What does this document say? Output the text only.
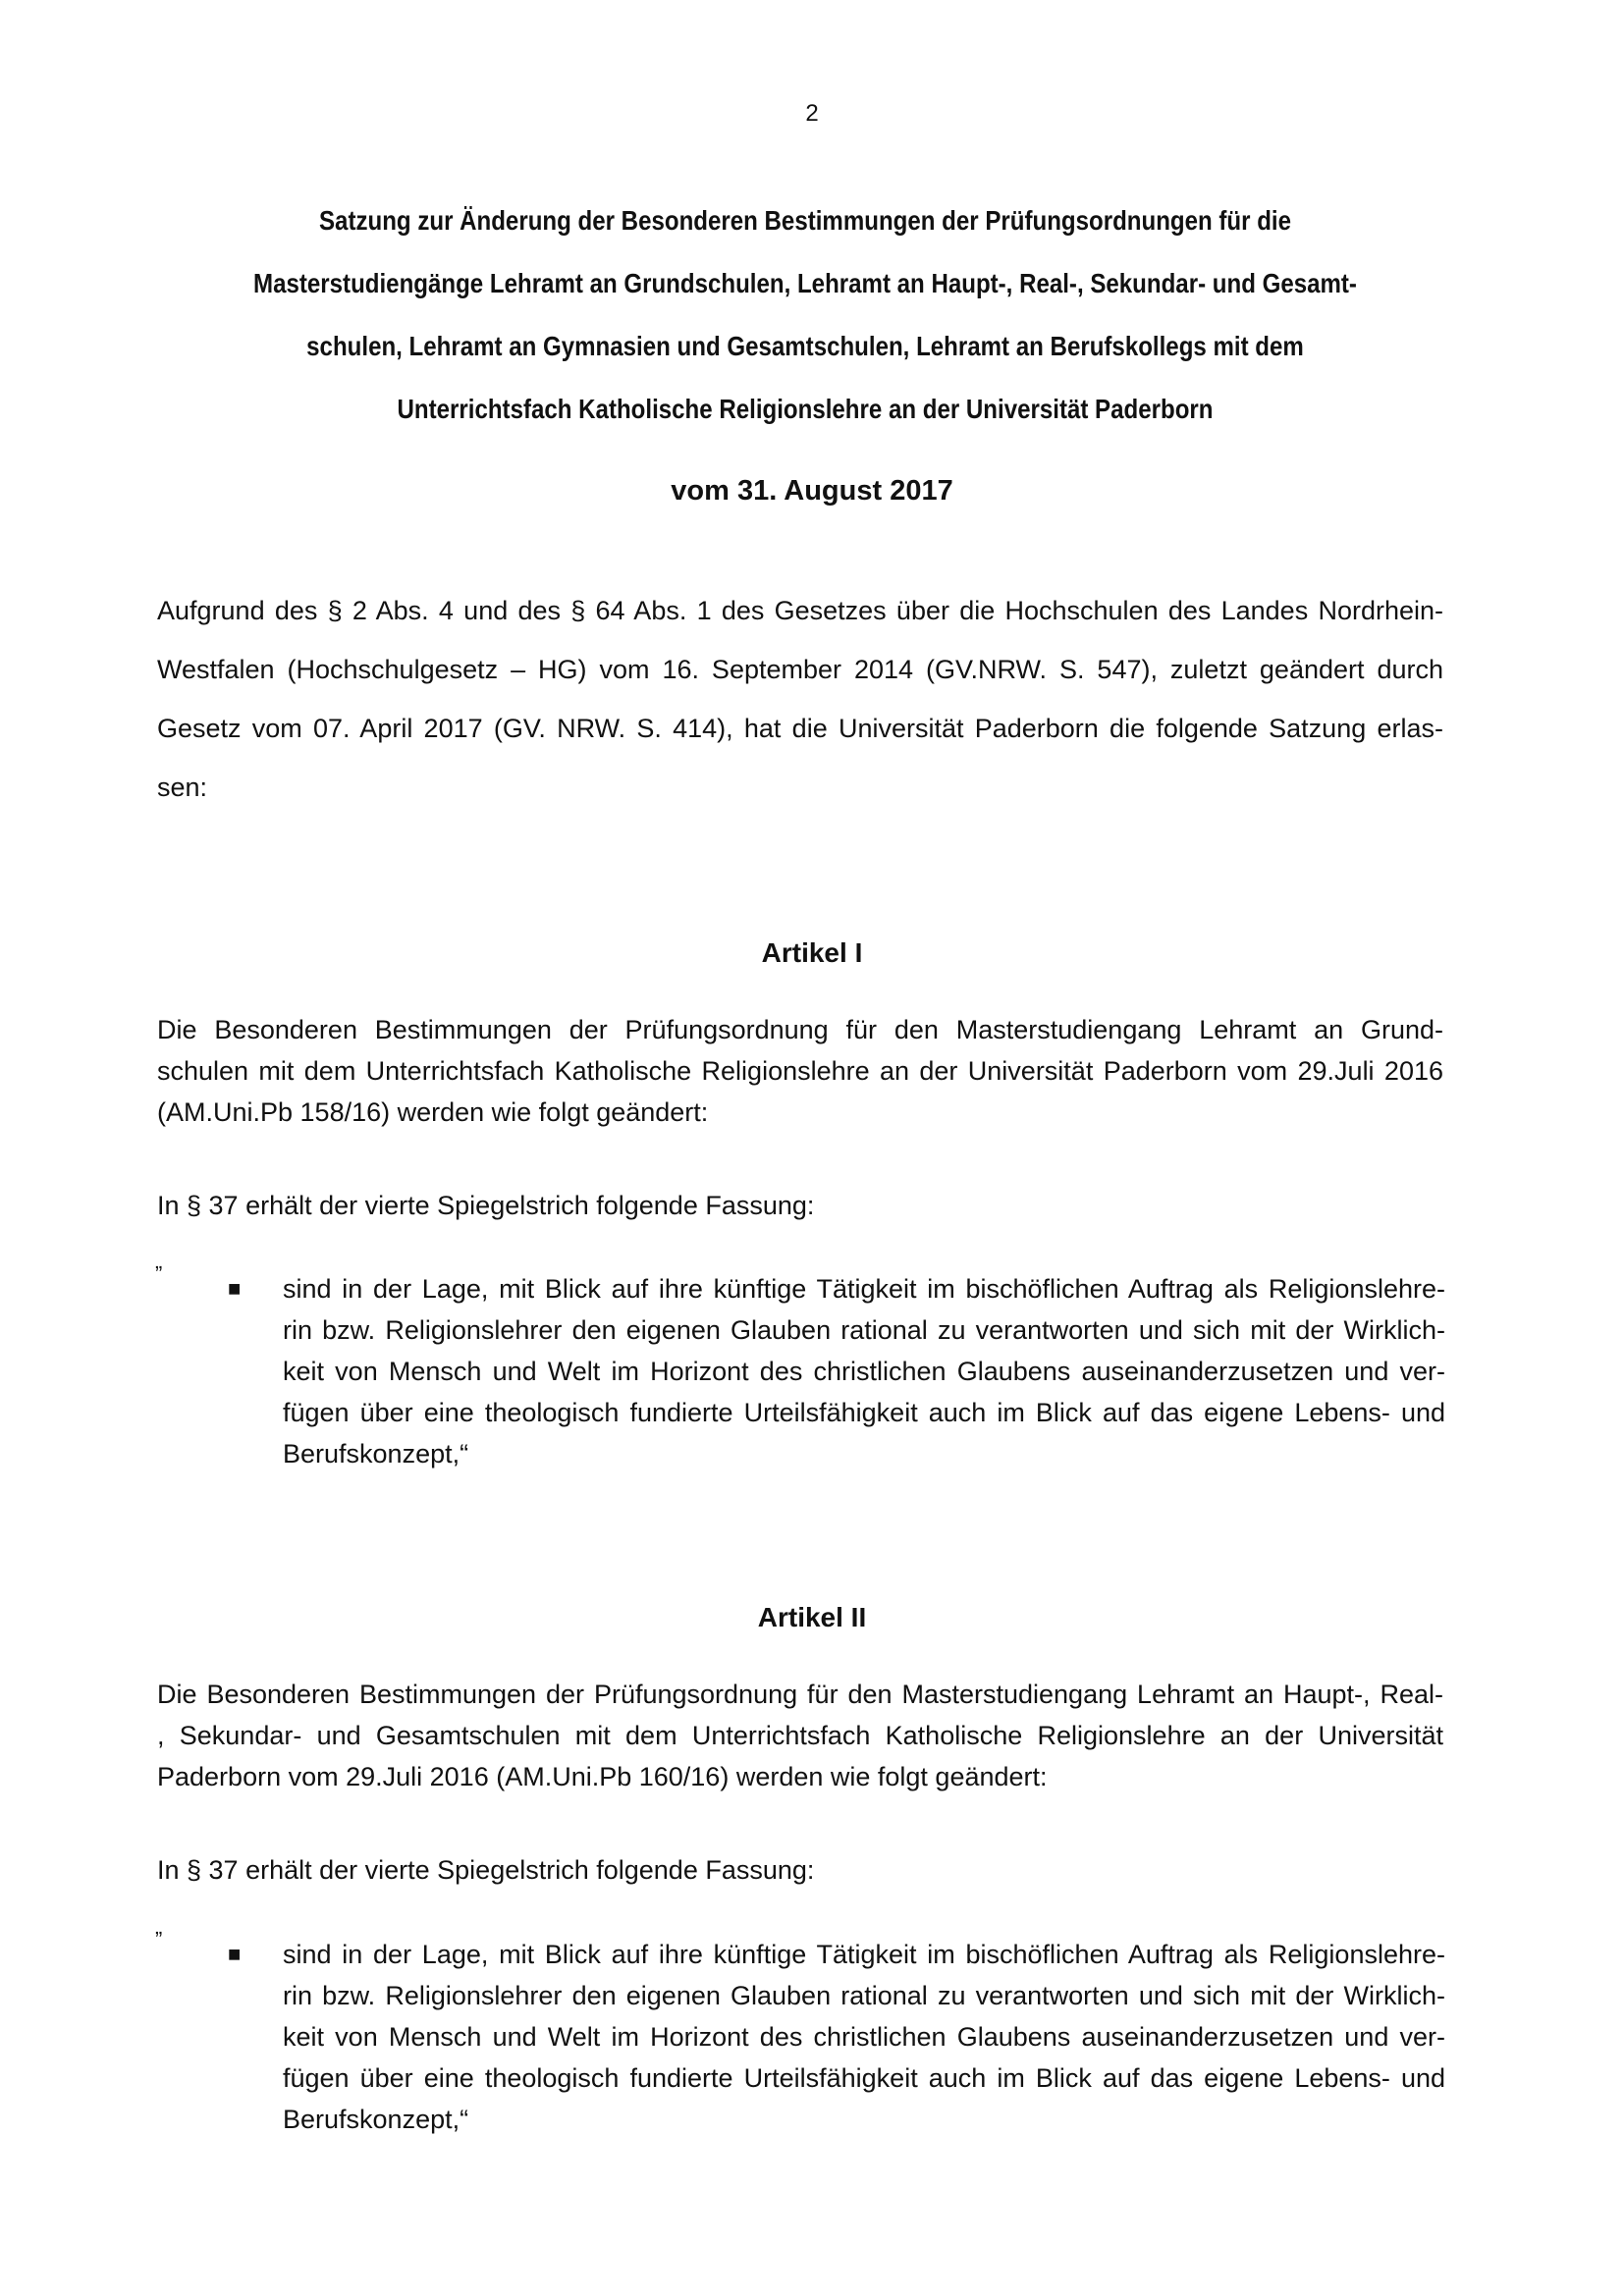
2
Satzung zur Änderung der Besonderen Bestimmungen der Prüfungsordnungen für die
Masterstudiengänge Lehramt an Grundschulen, Lehramt an Haupt-, Real-, Sekundar- und Gesamt-
schulen, Lehramt an Gymnasien und Gesamtschulen, Lehramt an Berufskollegs mit dem
Unterrichtsfach Katholische Religionslehre an der Universität Paderborn
vom 31. August 2017
Aufgrund des § 2 Abs. 4 und des § 64 Abs. 1 des Gesetzes über die Hochschulen des Landes Nordrhein-
Westfalen (Hochschulgesetz – HG) vom 16. September 2014 (GV.NRW. S. 547), zuletzt geändert durch
Gesetz vom 07. April 2017 (GV. NRW. S. 414), hat die Universität Paderborn die folgende Satzung erlas-
sen:
Artikel I
Die Besonderen Bestimmungen der Prüfungsordnung für den Masterstudiengang Lehramt an Grund-
schulen mit dem Unterrichtsfach Katholische Religionslehre an der Universität Paderborn vom 29.Juli 2016
(AM.Uni.Pb 158/16) werden wie folgt geändert:
In § 37 erhält der vierte Spiegelstrich folgende Fassung:
„
■ sind in der Lage, mit Blick auf ihre künftige Tätigkeit im bischöflichen Auftrag als Religionslehre-
rin bzw. Religionslehrer den eigenen Glauben rational zu verantworten und sich mit der Wirklich-
keit von Mensch und Welt im Horizont des christlichen Glaubens auseinanderzusetzen und ver-
fügen über eine theologisch fundierte Urteilsfähigkeit auch im Blick auf das eigene Lebens- und
Berufskonzept,“
Artikel II
Die Besonderen Bestimmungen der Prüfungsordnung für den Masterstudiengang Lehramt an Haupt-, Real-
, Sekundar- und Gesamtschulen mit dem Unterrichtsfach Katholische Religionslehre an der Universität
Paderborn vom 29.Juli 2016 (AM.Uni.Pb 160/16) werden wie folgt geändert:
In § 37 erhält der vierte Spiegelstrich folgende Fassung:
„
■ sind in der Lage, mit Blick auf ihre künftige Tätigkeit im bischöflichen Auftrag als Religionslehre-
rin bzw. Religionslehrer den eigenen Glauben rational zu verantworten und sich mit der Wirklich-
keit von Mensch und Welt im Horizont des christlichen Glaubens auseinanderzusetzen und ver-
fügen über eine theologisch fundierte Urteilsfähigkeit auch im Blick auf das eigene Lebens- und
Berufskonzept,“
